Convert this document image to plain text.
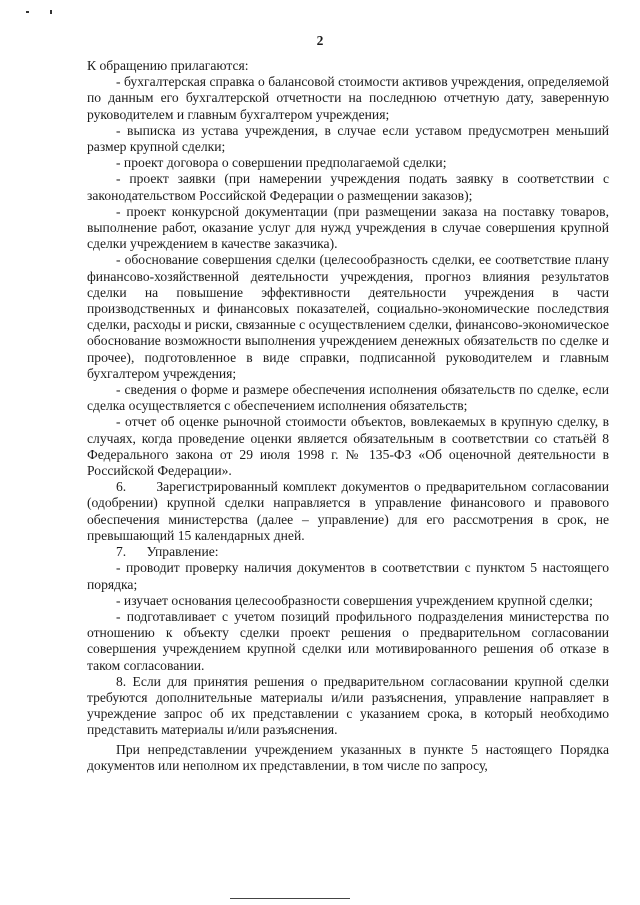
2

К обращению прилагаются:

- бухгалтерская справка о балансовой стоимости активов учреждения, определяемой по данным его бухгалтерской отчетности на последнюю отчетную дату, заверенную руководителем и главным бухгалтером учреждения;

- выписка из устава учреждения, в случае если уставом предусмотрен меньший размер крупной сделки;

- проект договора о совершении предполагаемой сделки;

- проект заявки (при намерении учреждения подать заявку в соответствии с законодательством Российской Федерации о размещении заказов);

- проект конкурсной документации (при размещении заказа на поставку товаров, выполнение работ, оказание услуг для нужд учреждения в случае совершения крупной сделки учреждением в качестве заказчика).

- обоснование совершения сделки (целесообразность сделки, ее соответствие плану финансово-хозяйственной деятельности учреждения, прогноз влияния результатов сделки на повышение эффективности деятельности учреждения в части производственных и финансовых показателей, социально-экономические последствия сделки, расходы и риски, связанные с осуществлением сделки, финансово-экономическое обоснование возможности выполнения учреждением денежных обязательств по сделке и прочее), подготовленное в виде справки, подписанной руководителем и главным бухгалтером учреждения;

- сведения о форме и размере обеспечения исполнения обязательств по сделке, если сделка осуществляется с обеспечением исполнения обязательств;

- отчет об оценке рыночной стоимости объектов, вовлекаемых в крупную сделку, в случаях, когда проведение оценки является обязательным в соответствии со статьёй 8 Федерального закона от 29 июля 1998 г. № 135-ФЗ «Об оценочной деятельности в Российской Федерации».

6.      Зарегистрированный комплект документов о предварительном согласовании (одобрении) крупной сделки направляется в управление финансового и правового обеспечения министерства (далее – управление) для его рассмотрения в срок, не превышающий 15 календарных дней.

7.      Управление:

- проводит проверку наличия документов в соответствии с пунктом 5 настоящего порядка;

- изучает основания целесообразности совершения учреждением крупной сделки;

- подготавливает с учетом позиций профильного подразделения министерства по отношению к объекту сделки проект решения о предварительном согласовании совершения учреждением крупной сделки или мотивированного решения об отказе в таком согласовании.

8. Если для принятия решения о предварительном согласовании крупной сделки требуются дополнительные материалы и/или разъяснения, управление направляет в учреждение запрос об их представлении с указанием срока, в который необходимо представить материалы и/или разъяснения.

При непредставлении учреждением указанных в пункте 5 настоящего Порядка документов или неполном их представлении, в том числе по запросу,
